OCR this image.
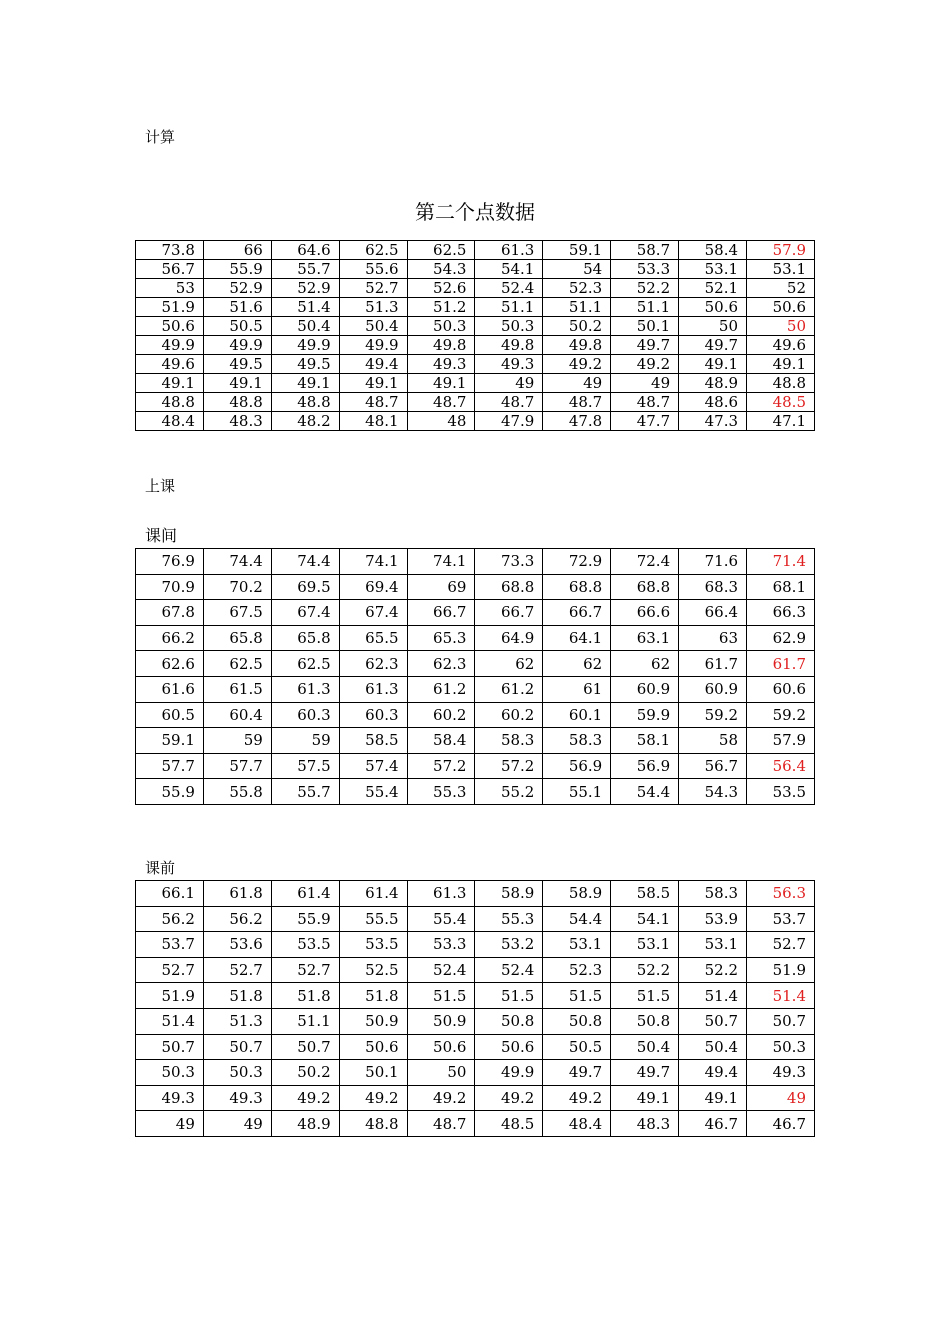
计算
第二个点数据
73.8	66	64.6	62.5	62.5	61.3	59.1	58.7	58.4	57.9
56.7	55.9	55.7	55.6	54.3	54.1	54	53.3	53.1	53.1
53	52.9	52.9	52.7	52.6	52.4	52.3	52.2	52.1	52
51.9	51.6	51.4	51.3	51.2	51.1	51.1	51.1	50.6	50.6
50.6	50.5	50.4	50.4	50.3	50.3	50.2	50.1	50	50
49.9	49.9	49.9	49.9	49.8	49.8	49.8	49.7	49.7	49.6
49.6	49.5	49.5	49.4	49.3	49.3	49.2	49.2	49.1	49.1
49.1	49.1	49.1	49.1	49.1	49	49	49	48.9	48.8
48.8	48.8	48.8	48.7	48.7	48.7	48.7	48.7	48.6	48.5
48.4	48.3	48.2	48.1	48	47.9	47.8	47.7	47.3	47.1
上课
课间
76.9	74.4	74.4	74.1	74.1	73.3	72.9	72.4	71.6	71.4
70.9	70.2	69.5	69.4	69	68.8	68.8	68.8	68.3	68.1
67.8	67.5	67.4	67.4	66.7	66.7	66.7	66.6	66.4	66.3
66.2	65.8	65.8	65.5	65.3	64.9	64.1	63.1	63	62.9
62.6	62.5	62.5	62.3	62.3	62	62	62	61.7	61.7
61.6	61.5	61.3	61.3	61.2	61.2	61	60.9	60.9	60.6
60.5	60.4	60.3	60.3	60.2	60.2	60.1	59.9	59.2	59.2
59.1	59	59	58.5	58.4	58.3	58.3	58.1	58	57.9
57.7	57.7	57.5	57.4	57.2	57.2	56.9	56.9	56.7	56.4
55.9	55.8	55.7	55.4	55.3	55.2	55.1	54.4	54.3	53.5
课前
66.1	61.8	61.4	61.4	61.3	58.9	58.9	58.5	58.3	56.3
56.2	56.2	55.9	55.5	55.4	55.3	54.4	54.1	53.9	53.7
53.7	53.6	53.5	53.5	53.3	53.2	53.1	53.1	53.1	52.7
52.7	52.7	52.7	52.5	52.4	52.4	52.3	52.2	52.2	51.9
51.9	51.8	51.8	51.8	51.5	51.5	51.5	51.5	51.4	51.4
51.4	51.3	51.1	50.9	50.9	50.8	50.8	50.8	50.7	50.7
50.7	50.7	50.7	50.6	50.6	50.6	50.5	50.4	50.4	50.3
50.3	50.3	50.2	50.1	50	49.9	49.7	49.7	49.4	49.3
49.3	49.3	49.2	49.2	49.2	49.2	49.2	49.1	49.1	49
49	49	48.9	48.8	48.7	48.5	48.4	48.3	46.7	46.7
